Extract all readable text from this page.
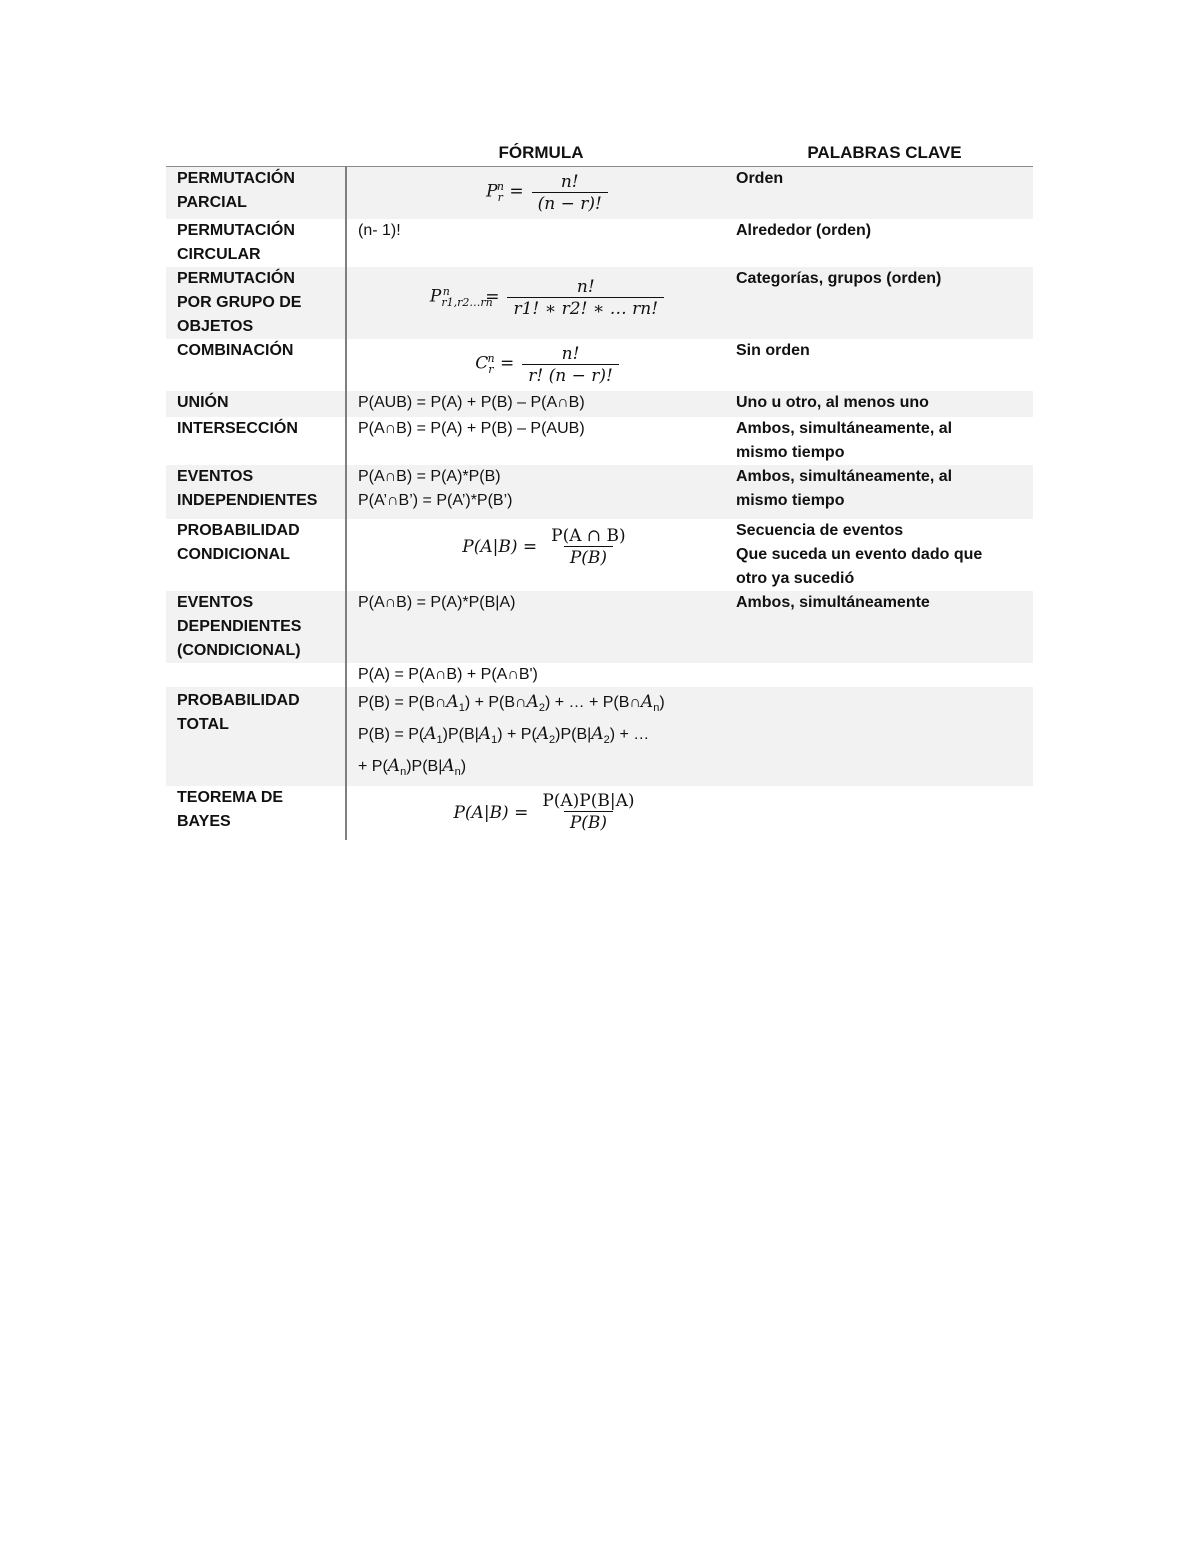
	FÓRMULA	PALABRAS CLAVE

PERMUTACIÓN
PARCIAL	$P_r^n = \frac{n!}{(n - r)!}$	Orden

PERMUTACIÓN
CIRCULAR	(n- 1)!	Alrededor (orden)

PERMUTACIÓN
POR GRUPO DE
OBJETOS	$P_{r1,r2\dots rn}^n = \frac{n!}{r1! ∗ r2! ∗ \dots rn!}$	Categorías, grupos (orden)

COMBINACIÓN	$C_r^n = \frac{n!}{r! (n - r)!}$	Sin orden

UNIÓN	P(AUB) = P(A) + P(B) – P(A∩B)	Uno u otro, al menos uno

INTERSECCIÓN	P(A∩B) = P(A) + P(B) – P(AUB)	Ambos, simultáneamente, al
mismo tiempo

EVENTOS
INDEPENDIENTES	P(A∩B) = P(A)*P(B)
P(A’∩B’) = P(A’)*P(B’)	Ambos, simultáneamente, al
mismo tiempo

PROBABILIDAD
CONDICIONAL	$P(A|B) = \frac{P(A \cap B)}{P(B)}$	Secuencia de eventos
Que suceda un evento dado que
otro ya sucedió

EVENTOS
DEPENDIENTES
(CONDICIONAL)	P(A∩B) = P(A)*P(B|A)	Ambos, simultáneamente

	P(A) = P(A∩B) + P(A∩B')	

PROBABILIDAD
TOTAL	$P(B) = P(B\cap A_1)$ + $P(B\cap A_2)$ + … + $P(B\cap A_n)$
$P(B) = P(A_1)P(B|A_1) + P(A_2)P(B|A_2)$ + …
+ $P(A_n)P(B|A_n)$	

TEOREMA DE
BAYES	$P(A|B) = \frac{P(A)P(B|A)}{P(B)}$
